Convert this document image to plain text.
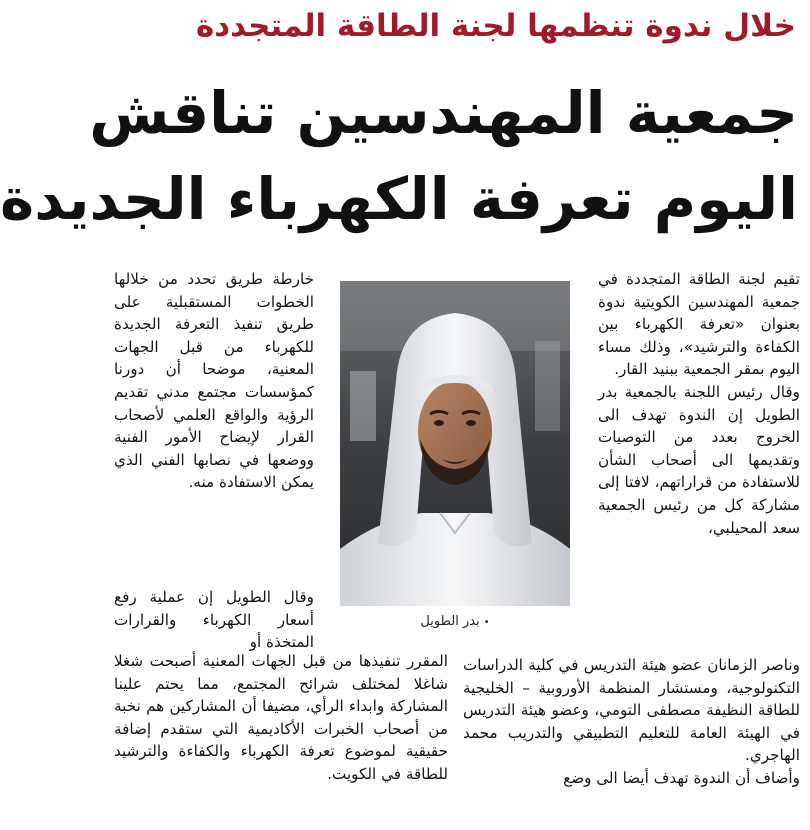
خلال ندوة تنظمها لجنة الطاقة المتجددة
جمعية المهندسين تناقش
اليوم تعرفة الكهرباء الجديدة

تقيم لجنة الطاقة المتجددة في جمعية المهندسين الكويتية ندوة بعنوان «تعرفة الكهرباء بين الكفاءة والترشيد»، وذلك مساء اليوم بمقر الجمعية ببنيد القار.

وقال رئيس اللجنة بالجمعية بدر الطويل إن الندوة تهدف الى الخروج بعدد من التوصيات وتقديمها الى أصحاب الشأن للاستفادة من قراراتهم، لافتا إلى مشاركة كل من رئيس الجمعية سعد المحيلبي،

•بدر الطويل

خارطة طريق تحدد من خلالها الخطوات المستقبلية على طريق تنفيذ التعرفة الجديدة للكهرباء من قبل الجهات المعنية، موضحا أن دورنا كمؤسسات مجتمع مدني تقديم الرؤية والواقع العلمي لأصحاب القرار لإيضاح الأمور الفنية ووضعها في نصابها الفني الذي يمكن الاستفادة منه.

وقال الطويل إن عملية رفع أسعار الكهرباء والقرارات المتخذة أو

وناصر الزمانان عضو هيئة التدريس في كلية الدراسات التكنولوجية، ومستشار المنظمة الأوروبية – الخليجية للطاقة النظيفة مصطفى التومي، وعضو هيئة التدريس في الهيئة العامة للتعليم التطبيقي والتدريب محمد الهاجري.

وأضاف أن الندوة تهدف أيضا الى وضع

المقرر تنفيذها من قبل الجهات المعنية أصبحت شغلا شاغلا لمختلف شرائح المجتمع، مما يحتم علينا المشاركة وابداء الرأي، مضيفا أن المشاركين هم نخبة من أصحاب الخبرات الأكاديمية التي ستقدم إضافة حقيقية لموضوع تعرفة الكهرباء والكفاءة والترشيد للطاقة في الكويت.
